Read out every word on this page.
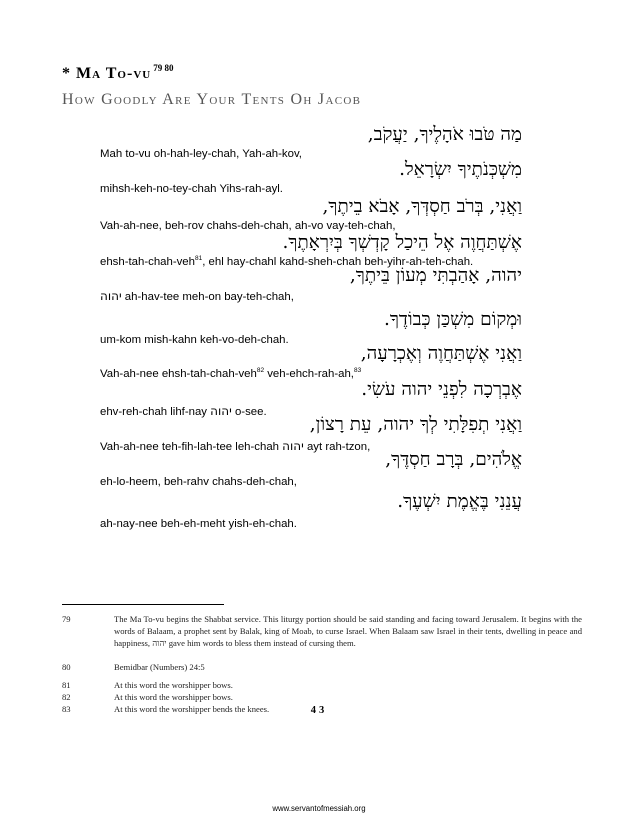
* Ma To-vu $^{79 80}$
How Goodly Are Your Tents Oh Jacob
מַה טֹּבוּ אֹהָלֶיךָ, יַעֲקֹב,
Mah to-vu oh-hah-ley-chah, Yah-ah-kov,
מִשְׁכְּנֹתֶיךָ יִשְׂרָאֵל.
mihsh-keh-no-tey-chah Yihs-rah-ayl.
וַאֲנִי, בְּרֹב חַסְדְּךָ, אָבֹא בֵיתֶךָ,
Vah-ah-nee, beh-rov chahs-deh-chah, ah-vo vay-teh-chah,
אֶשְׁתַּחֲוֶה אֶל הֵיכַל קָדְשְׁךָ בְּיִרְאָתֶךָ.
ehsh-tah-chah-veh$^{81}$, ehl hay-chahl kahd-sheh-chah beh-yihr-ah-teh-chah.
יהוה, אָהַבְתִּי מְעוֹן בֵּיתֶךָ,
יהוה ah-hav-tee meh-on bay-teh-chah,
וּמְקוֹם מִשְׁכַּן כְּבוֹדֶךָ.
um-kom mish-kahn keh-vo-deh-chah.
וַאֲנִי אֶשְׁתַּחֲוֶה וְאֶכְרָעָה,
Vah-ah-nee ehsh-tah-chah-veh$^{82}$ veh-ehch-rah-ah,$^{83}$
אֶבְרְכָה לִפְנֵי יהוה עֹשִׂי.
ehv-reh-chah lihf-nay יהוה o-see.
וַאֲנִי תְפִלָּתִי לְךָ יהוה, עֵת רָצוֹן,
Vah-ah-nee teh-fih-lah-tee leh-chah יהוה ayt rah-tzon,
אֱלֹהִים, בְּרָב חַסְדֶּךָ,
eh-lo-heem, beh-rahv chahs-deh-chah,
עֲנֵנִי בֶּאֱמֶת יִשְׁעֶךָ.
ah-nay-nee beh-eh-meht yish-eh-chah.
79	The Ma To-vu begins the Shabbat service. This liturgy portion should be said standing and facing toward Jerusalem. It begins with the words of Balaam, a prophet sent by Balak, king of Moab, to curse Israel. When Balaam saw Israel in their tents, dwelling in peace and happiness, יהוה gave him words to bless them instead of cursing them.
80	Bemidbar (Numbers) 24:5
81	At this word the worshipper bows.
82	At this word the worshipper bows.
83	At this word the worshipper bends the knees.	43
www.servantofmessiah.org
